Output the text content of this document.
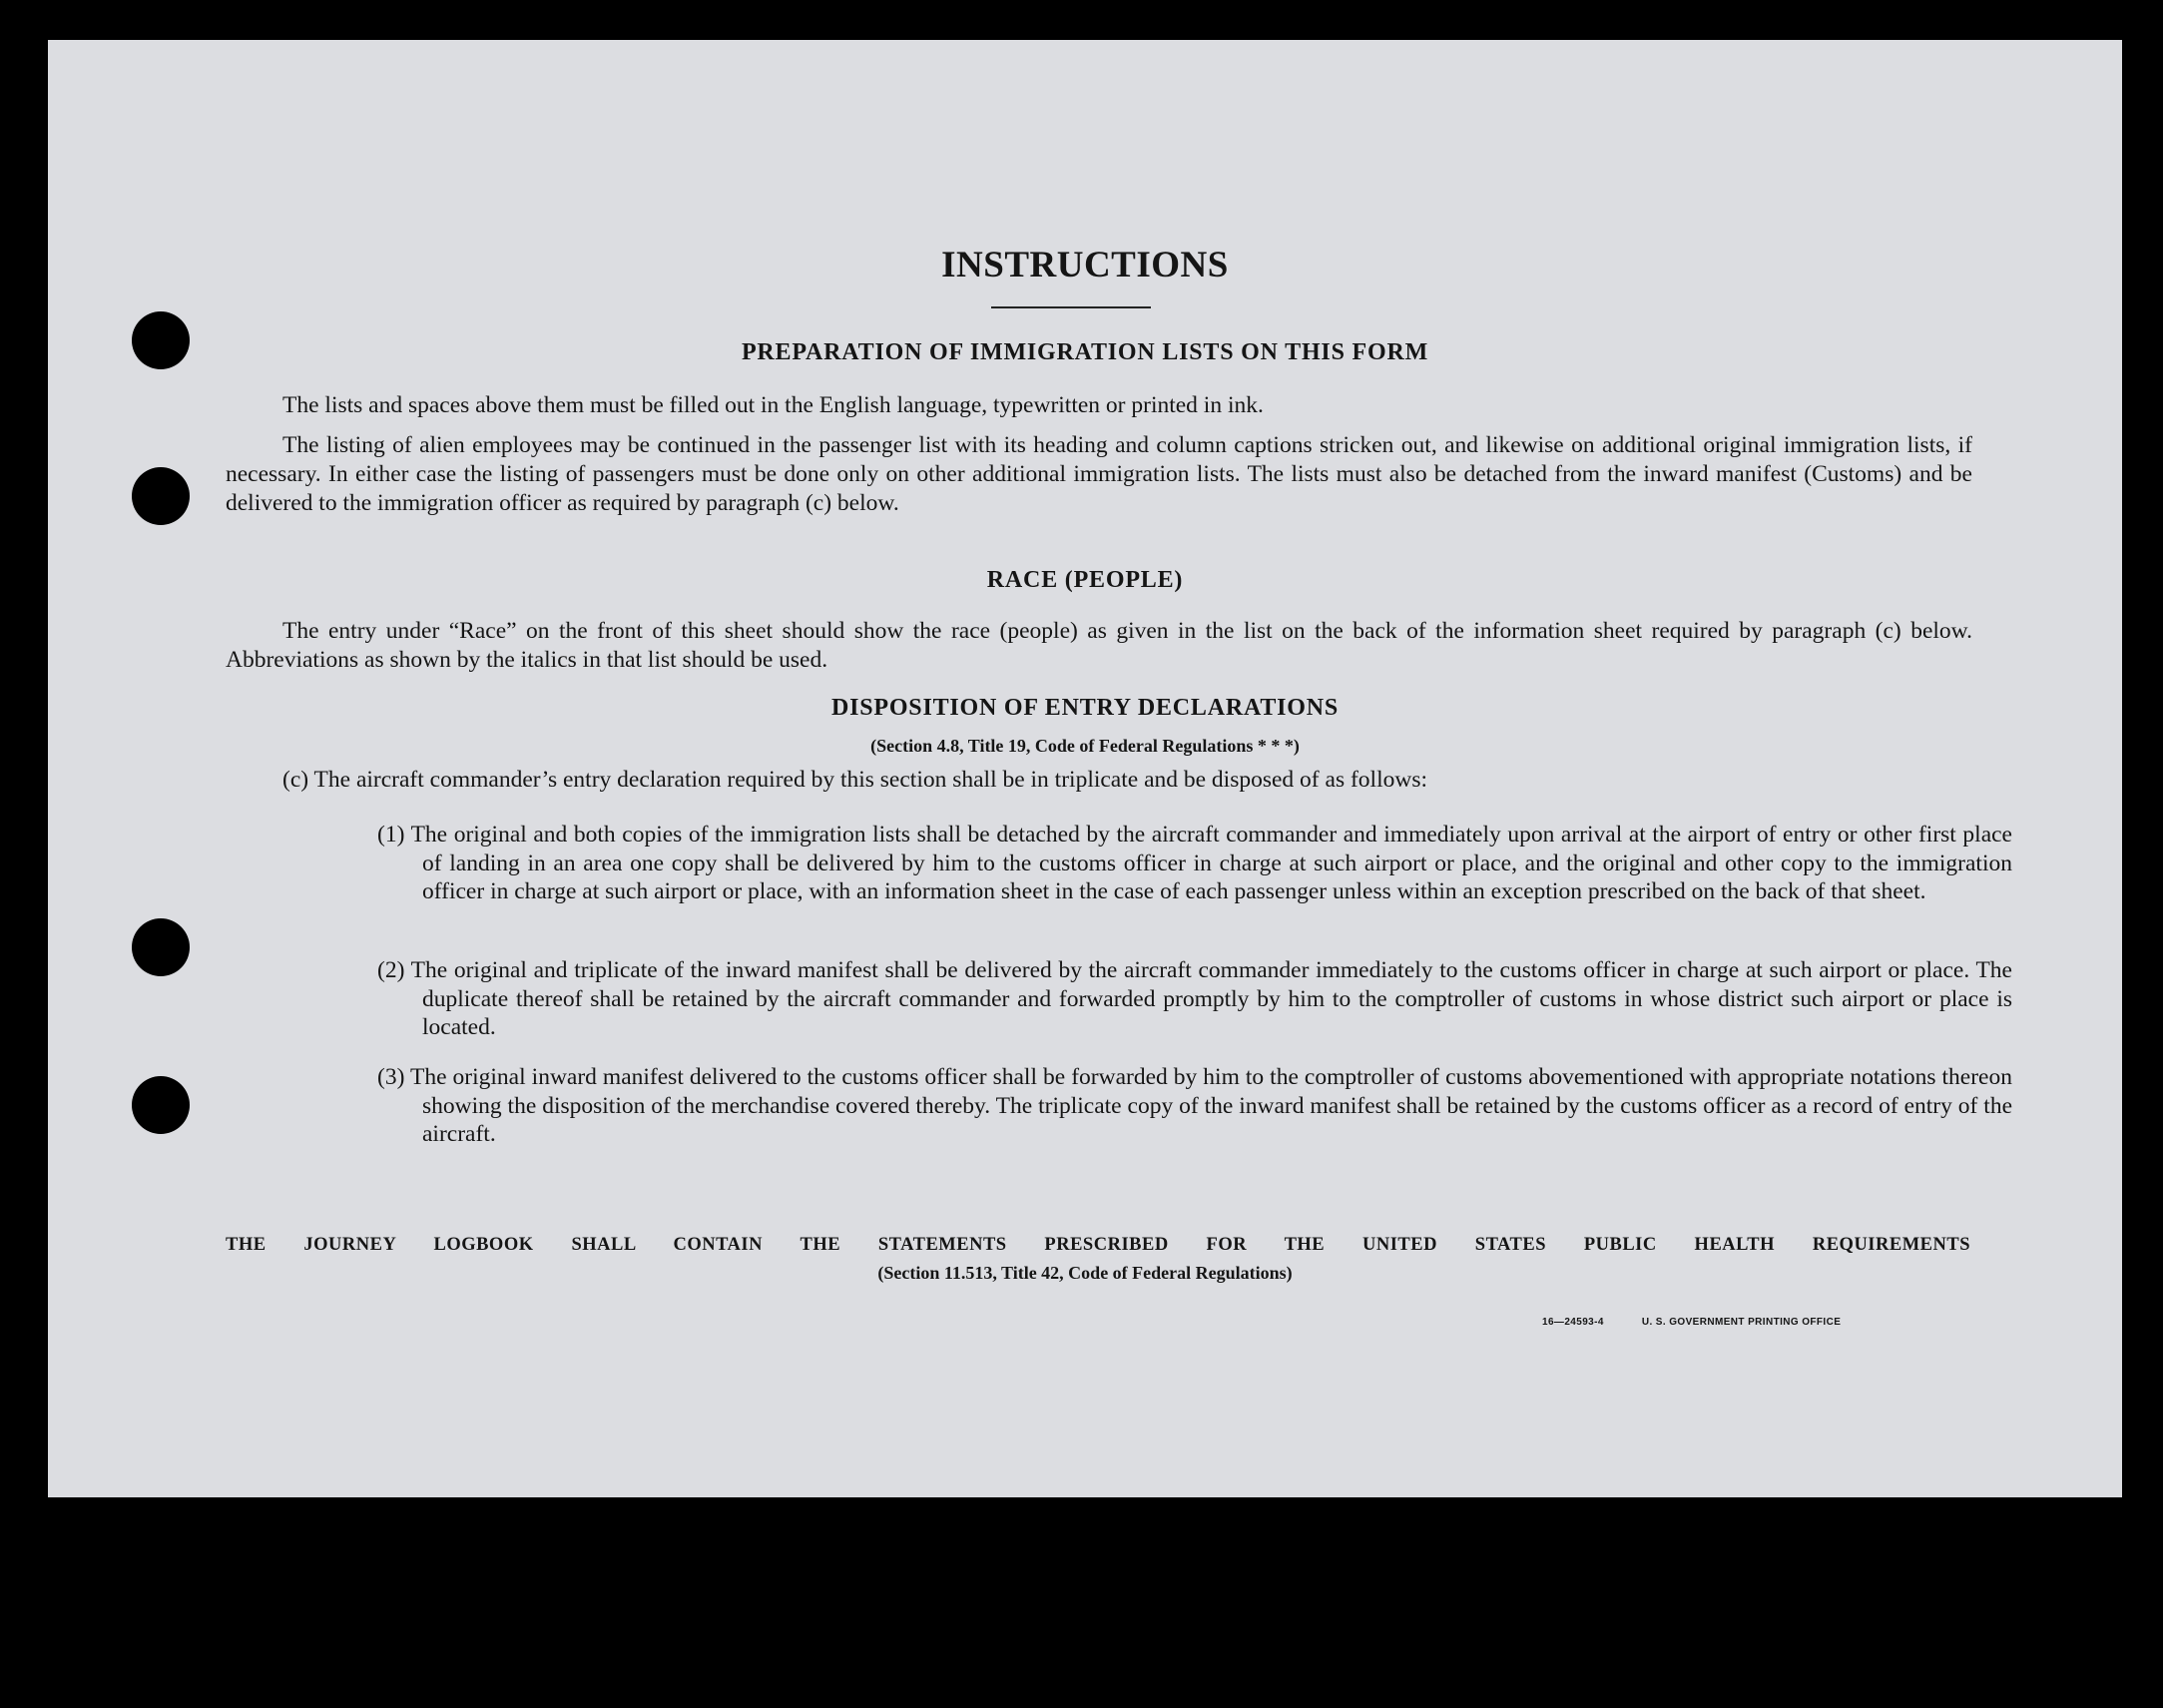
INSTRUCTIONS
PREPARATION OF IMMIGRATION LISTS ON THIS FORM
The lists and spaces above them must be filled out in the English language, typewritten or printed in ink.
The listing of alien employees may be continued in the passenger list with its heading and column captions stricken out, and likewise on additional original immigration lists, if necessary. In either case the listing of passengers must be done only on other additional immigration lists. The lists must also be detached from the inward manifest (Customs) and be delivered to the immigration officer as required by paragraph (c) below.
RACE (PEOPLE)
The entry under “Race” on the front of this sheet should show the race (people) as given in the list on the back of the information sheet required by paragraph (c) below. Abbreviations as shown by the italics in that list should be used.
DISPOSITION OF ENTRY DECLARATIONS
(Section 4.8, Title 19, Code of Federal Regulations * * *)
(c) The aircraft commander’s entry declaration required by this section shall be in triplicate and be disposed of as follows:
(1) The original and both copies of the immigration lists shall be detached by the aircraft commander and immediately upon arrival at the airport of entry or other first place of landing in an area one copy shall be delivered by him to the customs officer in charge at such airport or place, and the original and other copy to the immigration officer in charge at such airport or place, with an information sheet in the case of each passenger unless within an exception prescribed on the back of that sheet.
(2) The original and triplicate of the inward manifest shall be delivered by the aircraft commander immediately to the customs officer in charge at such airport or place. The duplicate thereof shall be retained by the aircraft commander and forwarded promptly by him to the comptroller of customs in whose district such airport or place is located.
(3) The original inward manifest delivered to the customs officer shall be forwarded by him to the comptroller of customs abovementioned with appropriate notations thereon showing the disposition of the merchandise covered thereby. The triplicate copy of the inward manifest shall be retained by the customs officer as a record of entry of the aircraft.
THE JOURNEY LOGBOOK SHALL CONTAIN THE STATEMENTS PRESCRIBED FOR THE UNITED STATES PUBLIC HEALTH REQUIREMENTS
(Section 11.513, Title 42, Code of Federal Regulations)
16—24593-4	U. S. GOVERNMENT PRINTING OFFICE
